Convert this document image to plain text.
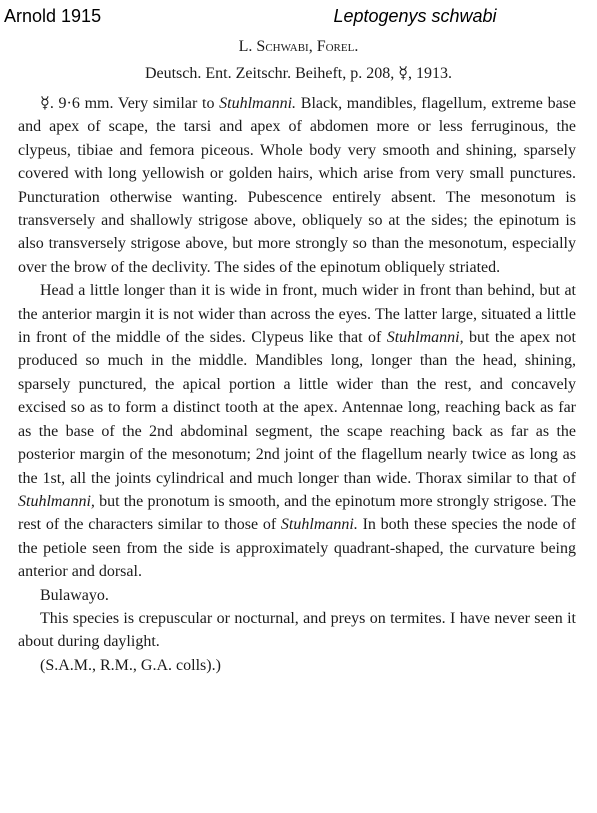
Arnold 1915	Leptogenys schwabi
L. Schwabi, Forel.
Deutsch. Ent. Zeitschr. Beiheft, p. 208, ☿, 1913.

☿. 9·6 mm. Very similar to Stuhlmanni. Black, mandibles, flagellum, extreme base and apex of scape, the tarsi and apex of abdomen more or less ferruginous, the clypeus, tibiae and femora piceous. Whole body very smooth and shining, sparsely covered with long yellowish or golden hairs, which arise from very small punctures. Puncturation otherwise wanting. Pubescence entirely absent. The mesonotum is transversely and shallowly strigose above, obliquely so at the sides; the epinotum is also transversely strigose above, but more strongly so than the mesonotum, especially over the brow of the declivity. The sides of the epinotum obliquely striated.

Head a little longer than it is wide in front, much wider in front than behind, but at the anterior margin it is not wider than across the eyes. The latter large, situated a little in front of the middle of the sides. Clypeus like that of Stuhlmanni, but the apex not produced so much in the middle. Mandibles long, longer than the head, shining, sparsely punctured, the apical portion a little wider than the rest, and concavely excised so as to form a distinct tooth at the apex. Antennae long, reaching back as far as the base of the 2nd abdominal segment, the scape reaching back as far as the posterior margin of the mesonotum; 2nd joint of the flagellum nearly twice as long as the 1st, all the joints cylindrical and much longer than wide. Thorax similar to that of Stuhlmanni, but the pronotum is smooth, and the epinotum more strongly strigose. The rest of the characters similar to those of Stuhlmanni. In both these species the node of the petiole seen from the side is approximately quadrant-shaped, the curvature being anterior and dorsal.

Bulawayo.

This species is crepuscular or nocturnal, and preys on termites. I have never seen it about during daylight.

(S.A.M., R.M., G.A. colls).)
